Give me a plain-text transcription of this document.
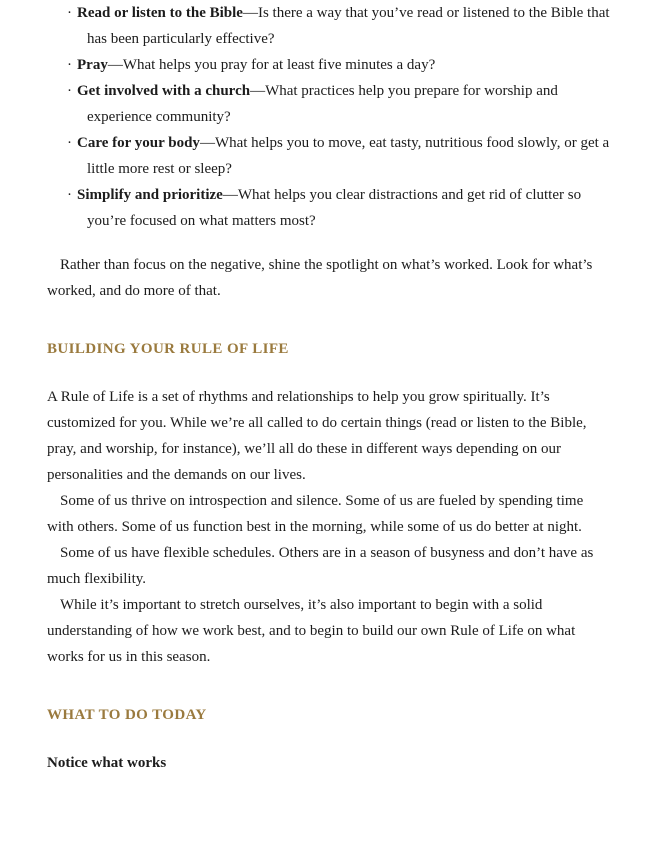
· Read or listen to the Bible—Is there a way that you’ve read or listened to the Bible that has been particularly effective?
· Pray—What helps you pray for at least five minutes a day?
· Get involved with a church—What practices help you prepare for worship and experience community?
· Care for your body—What helps you to move, eat tasty, nutritious food slowly, or get a little more rest or sleep?
· Simplify and prioritize—What helps you clear distractions and get rid of clutter so you’re focused on what matters most?

Rather than focus on the negative, shine the spotlight on what’s worked. Look for what’s worked, and do more of that.

BUILDING YOUR RULE OF LIFE

A Rule of Life is a set of rhythms and relationships to help you grow spiritually. It’s customized for you. While we’re all called to do certain things (read or listen to the Bible, pray, and worship, for instance), we’ll all do these in different ways depending on our personalities and the demands on our lives.

Some of us thrive on introspection and silence. Some of us are fueled by spending time with others. Some of us function best in the morning, while some of us do better at night.

Some of us have flexible schedules. Others are in a season of busyness and don’t have as much flexibility.

While it’s important to stretch ourselves, it’s also important to begin with a solid understanding of how we work best, and to begin to build our own Rule of Life on what works for us in this season.

WHAT TO DO TODAY

Notice what works
